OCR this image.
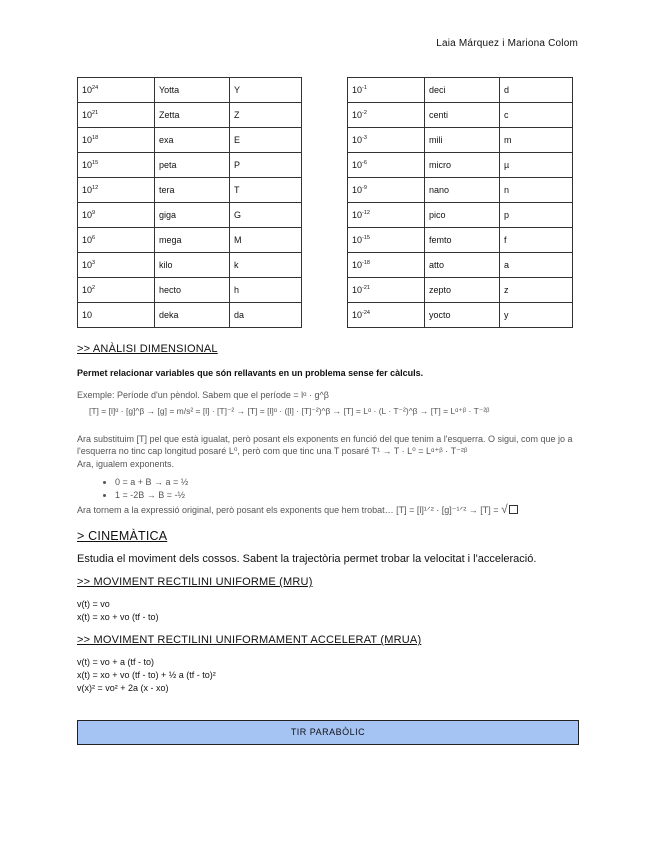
Laia Márquez i Mariona Colom
$10^{24}$	Yotta	Y
$10^{21}$	Zetta	Z
$10^{18}$	exa	E
$10^{15}$	peta	P
$10^{12}$	tera	T
$10^9$	giga	G
$10^6$	mega	M
$10^3$	kilo	k
$10^2$	hecto	h
10	deka	da
$10^{-1}$	deci	d
$10^{-2}$	centi	c
$10^{-3}$	mili	m
$10^{-6}$	micro	µ
$10^{-9}$	nano	n
$10^{-12}$	pico	p
$10^{-15}$	femto	f
$10^{-18}$	atto	a
$10^{-21}$	zepto	z
$10^{-24}$	yocto	y
>> ANÀLISI DIMENSIONAL
Permet relacionar variables que són rellavants en un problema sense fer càlculs.
Exemple: Període d'un pèndol. Sabem que el període = lᵅ · g^β
[T] = [l]ᵅ · [g]^β → [g] = m/s² = [l] · [T]⁻² → [T] = [l]ᵅ · ([l] · [T]⁻²)^β → [T] = Lᵅ · (L · T⁻²)^β → [T] = Lᵅ⁺ᵝ · T⁻²ᵝ
Ara substituim [T] pel que està igualat, però posant els exponents en funció del que tenim a l'esquerra. O sigui, com que jo a l'esquerra no tinc cap longitud posaré L⁰, però com que tinc una T posaré T¹ → T · L⁰ = Lᵅ⁺ᵝ · T⁻²ᵝ
Ara, igualem exponents.
• 0 = a + B → a = ½
• 1 = -2B → B = -½
Ara tornem a la expressió original, però posant els exponents que hem trobat… [T] = [l]¹ᐟ² · [g]⁻¹ᐟ² → [T] = √
> CINEMÀTICA
Estudia el moviment dels cossos. Sabent la trajectòria permet trobar la velocitat i l'acceleració.
>> MOVIMENT RECTILINI UNIFORME (MRU)
v(t) = vo
x(t) = xo + vo (tf - to)
>> MOVIMENT RECTILINI UNIFORMAMENT ACCELERAT (MRUA)
v(t) = vo + a (tf - to)
x(t) = xo + vo (tf - to) + ½ a (tf - to)²
v(x)² = vo² + 2a (x - xo)
TIR PARABÒLIC
